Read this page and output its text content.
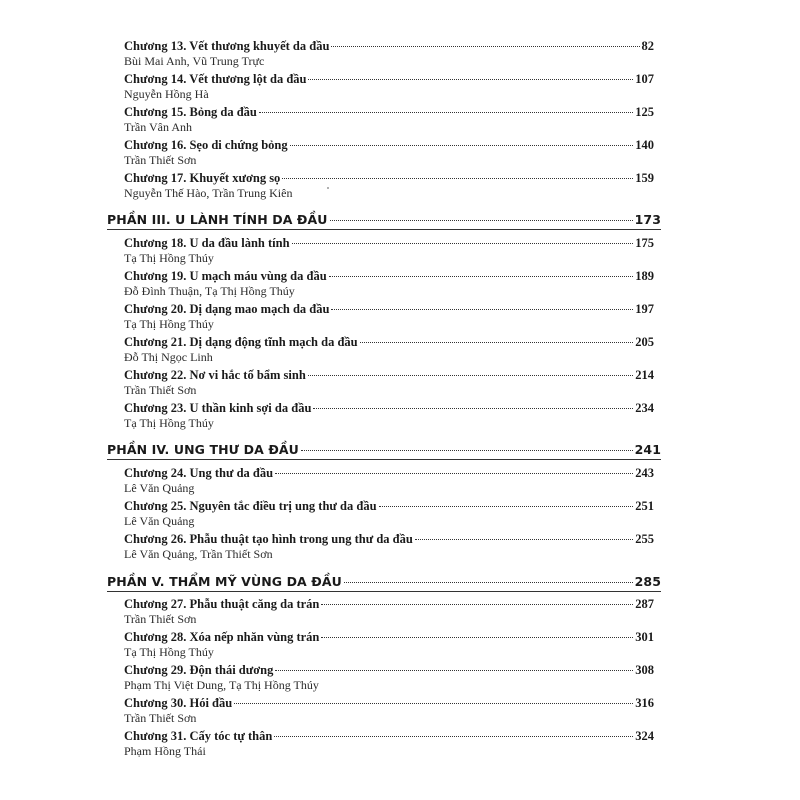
Chương 13. Vết thương khuyết da đầu	82
Bùi Mai Anh, Vũ Trung Trực
Chương 14. Vết thương lột da đầu	107
Nguyễn Hồng Hà
Chương 15. Bỏng da đầu	125
Trần Vân Anh
Chương 16. Sẹo di chứng bỏng	140
Trần Thiết Sơn
Chương 17. Khuyết xương sọ	159
Nguyễn Thế Hào, Trần Trung Kiên
PHẦN III. U LÀNH TÍNH DA ĐẦU	173
Chương 18. U da đầu lành tính	175
Tạ Thị Hồng Thúy
Chương 19. U mạch máu vùng da đầu	189
Đỗ Đình Thuận, Tạ Thị Hồng Thúy
Chương 20. Dị dạng mao mạch da đầu	197
Tạ Thị Hồng Thúy
Chương 21. Dị dạng động tĩnh mạch da đầu	205
Đỗ Thị Ngọc Linh
Chương 22. Nơ vi hắc tố bẩm sinh	214
Trần Thiết Sơn
Chương 23. U thần kinh sợi da đầu	234
Tạ Thị Hồng Thúy
PHẦN IV. UNG THƯ DA ĐẦU	241
Chương 24. Ung thư da đầu	243
Lê Văn Quảng
Chương 25. Nguyên tắc điều trị ung thư da đầu	251
Lê Văn Quảng
Chương 26. Phẫu thuật tạo hình trong ung thư da đầu	255
Lê Văn Quảng, Trần Thiết Sơn
PHẦN V. THẨM MỸ VÙNG DA ĐẦU	285
Chương 27. Phẫu thuật căng da trán	287
Trần Thiết Sơn
Chương 28. Xóa nếp nhăn vùng trán	301
Tạ Thị Hồng Thúy
Chương 29. Độn thái dương	308
Phạm Thị Việt Dung, Tạ Thị Hồng Thúy
Chương 30. Hói đầu	316
Trần Thiết Sơn
Chương 31. Cấy tóc tự thân	324
Phạm Hồng Thái
